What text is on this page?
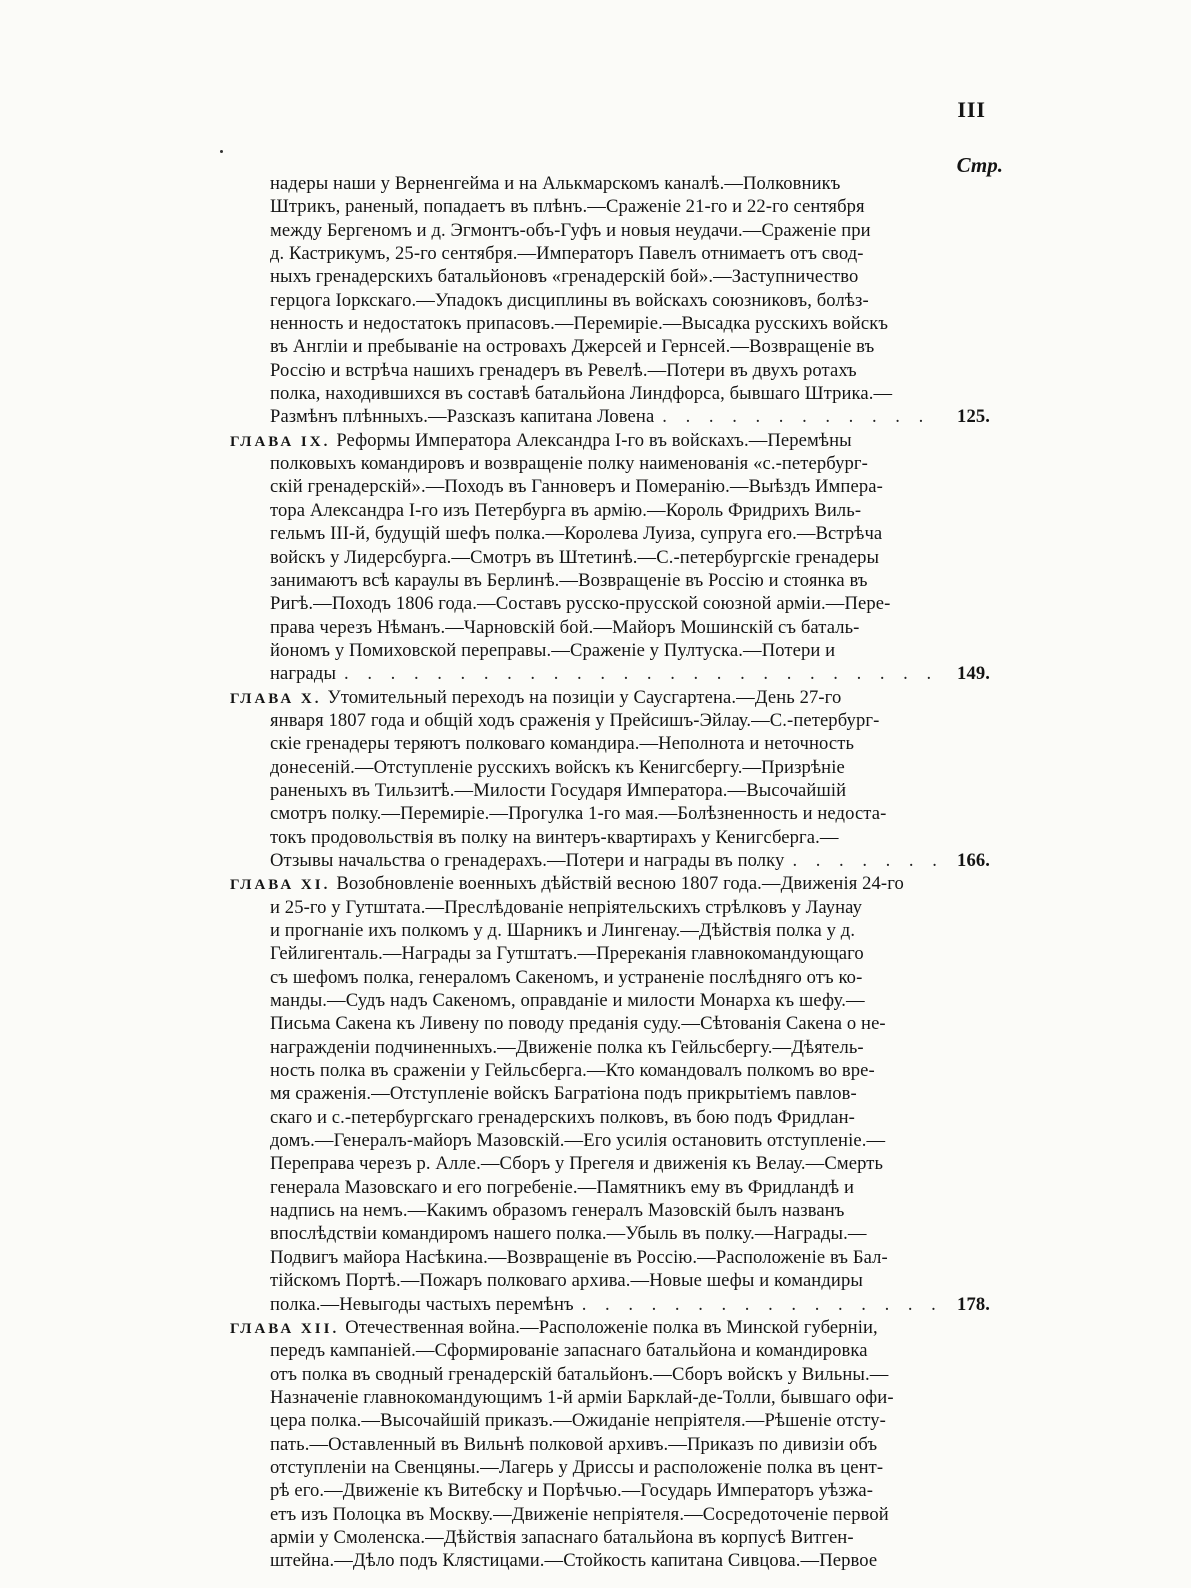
III
Стр.
надеры наши у Верненгейма и на Алькмарскомъ каналѣ.—Полковникъ
Штрикъ, раненый, попадаетъ въ плѣнъ.—Сраженіе 21-го и 22-го сентября
между Бергеномъ и д. Эгмонтъ-объ-Гуфъ и новыя неудачи.—Сраженіе при
д. Кастрикумъ, 25-го сентября.—Императоръ Павелъ отнимаетъ отъ свод-
ныхъ гренадерскихъ батальйоновъ «гренадерскій бой».—Заступничество
герцога Іоркскаго.—Упадокъ дисциплины въ войскахъ союзниковъ, болѣз-
ненность и недостатокъ припасовъ.—Перемиріе.—Высадка русскихъ войскъ
въ Англіи и пребываніе на островахъ Джерсей и Гернсей.—Возвращеніе въ
Россію и встрѣча нашихъ гренадеръ въ Ревелѣ.—Потери въ двухъ ротахъ
полка, находившихся въ составѣ батальйона Линдфорса, бывшаго Штрика.—
Размѣнъ плѣнныхъ.—Разсказъ капитана Ловена . . .	125.
ГЛАВА IX. Реформы Императора Александра І-го въ войскахъ.—Перемѣны
полковыхъ командировъ и возвращеніе полку наименованія «с.-петербург-
скій гренадерскій».—Походъ въ Ганноверъ и Померанію.—Выѣздъ Импера-
тора Александра І-го изъ Петербурга въ армію.—Король Фридрихъ Виль-
гельмъ III-й, будущій шефъ полка.—Королева Луиза, супруга его.—Встрѣча
войскъ у Лидерсбурга.—Смотръ въ Штетинѣ.—С.-петербургскіе гренадеры
занимаютъ всѣ караулы въ Берлинѣ.—Возвращеніе въ Россію и стоянка въ
Ригѣ.—Походъ 1806 года.—Составъ русско-прусской союзной арміи.—Пере-
права черезъ Нѣманъ.—Чарновскій бой.—Майоръ Мошинскій съ баталь-
йономъ у Помиховской переправы.—Сраженіе у Пултуска.—Потери и
награды . . .	149.
ГЛАВА X. Утомительный переходъ на позиціи у Саусгартена.—День 27-го
января 1807 года и общій ходъ сраженія у Прейсишъ-Эйлау.—С.-петербург-
скіе гренадеры теряютъ полковаго командира.—Неполнота и неточность
донесеній.—Отступленіе русскихъ войскъ къ Кенигсбергу.—Призрѣніе
раненыхъ въ Тильзитѣ.—Милости Государя Императора.—Высочайшій
смотръ полку.—Перемиріе.—Прогулка 1-го мая.—Болѣзненность и недоста-
токъ продовольствія въ полку на винтеръ-квартирахъ у Кенигсберга.—
Отзывы начальства о гренадерахъ.—Потери и награды въ полку . . .	166.
ГЛАВА XI. Возобновленіе военныхъ дѣйствій весною 1807 года.—Движенія 24-го
и 25-го у Гутштата.—Преслѣдованіе непріятельскихъ стрѣлковъ у Лаунау
и прогнаніе ихъ полкомъ у д. Шарникъ и Лингенау.—Дѣйствія полка у д.
Гейлигенталь.—Награды за Гутштатъ.—Пререканія главнокомандующаго
съ шефомъ полка, генераломъ Сакеномъ, и устраненіе послѣдняго отъ ко-
манды.—Судъ надъ Сакеномъ, оправданіе и милости Монарха къ шефу.—
Письма Сакена къ Ливену по поводу преданія суду.—Сѣтованія Сакена о не-
награжденіи подчиненныхъ.—Движеніе полка къ Гейльсбергу.—Дѣятель-
ность полка въ сраженіи у Гейльсберга.—Кто командовалъ полкомъ во вре-
мя сраженія.—Отступленіе войскъ Багратіона подъ прикрытіемъ павлов-
скаго и с.-петербургскаго гренадерскихъ полковъ, въ бою подъ Фридлан-
домъ.—Генералъ-майоръ Мазовскій.—Его усилія остановить отступленіе.—
Переправа черезъ р. Алле.—Сборъ у Прегеля и движенія къ Велау.—Смерть
генерала Мазовскаго и его погребеніе.—Памятникъ ему въ Фридландѣ и
надпись на немъ.—Какимъ образомъ генералъ Мазовскій былъ названъ
впослѣдствіи командиромъ нашего полка.—Убыль въ полку.—Награды.—
Подвигъ майора Насѣкина.—Возвращеніе въ Россію.—Расположеніе въ Бал-
тійскомъ Портѣ.—Пожаръ полковаго архива.—Новые шефы и командиры
полка.—Невыгоды частыхъ перемѣнъ . . .	178.
ГЛАВА XII. Отечественная война.—Расположеніе полка въ Минской губерніи,
передъ кампаніей.—Сформированіе запаснаго батальйона и командировка
отъ полка въ сводный гренадерскій батальйонъ.—Сборъ войскъ у Вильны.—
Назначеніе главнокомандующимъ 1-й арміи Барклай-де-Толли, бывшаго офи-
цера полка.—Высочайшій приказъ.—Ожиданіе непріятеля.—Рѣшеніе отсту-
пать.—Оставленный въ Вильнѣ полковой архивъ.—Приказъ по дивизіи объ
отступленіи на Свенцяны.—Лагерь у Дриссы и расположеніе полка въ цент-
рѣ его.—Движеніе къ Витебску и Порѣчью.—Государь Императоръ уѣзжа-
етъ изъ Полоцка въ Москву.—Движеніе непріятеля.—Сосредоточеніе первой
арміи у Смоленска.—Дѣйствія запаснаго батальйона въ корпусѣ Витген-
штейна.—Дѣло подъ Клястицами.—Стойкость капитана Сивцова.—Первое
